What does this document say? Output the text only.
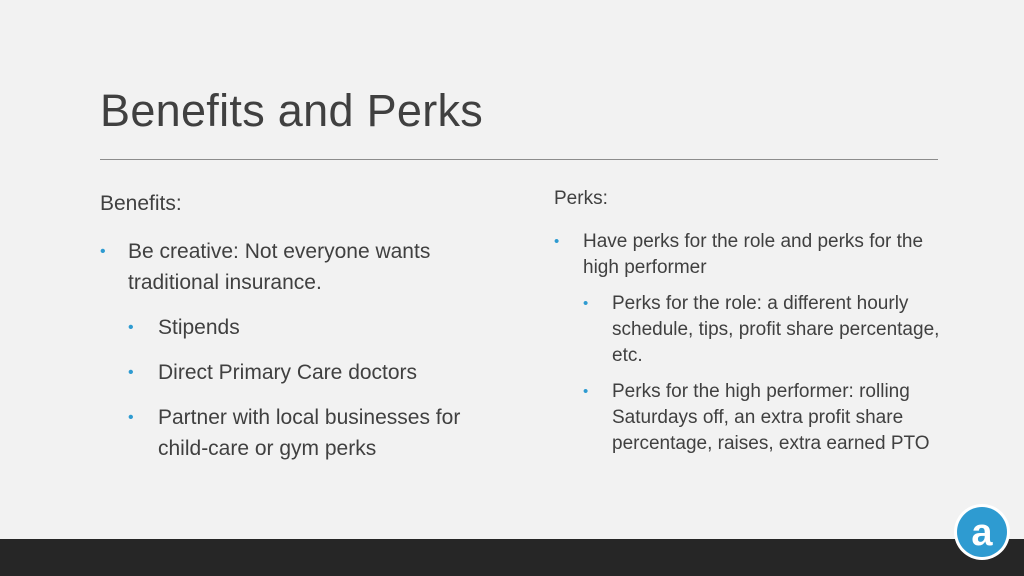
Benefits and Perks

Benefits:

• Be creative: Not everyone wants traditional insurance.
• Stipends
• Direct Primary Care doctors
• Partner with local businesses for child-care or gym perks

Perks:

• Have perks for the role and perks for the high performer
• Perks for the role: a different hourly schedule, tips, profit share percentage, etc.
• Perks for the high performer: rolling Saturdays off, an extra profit share percentage, raises, extra earned PTO
a
